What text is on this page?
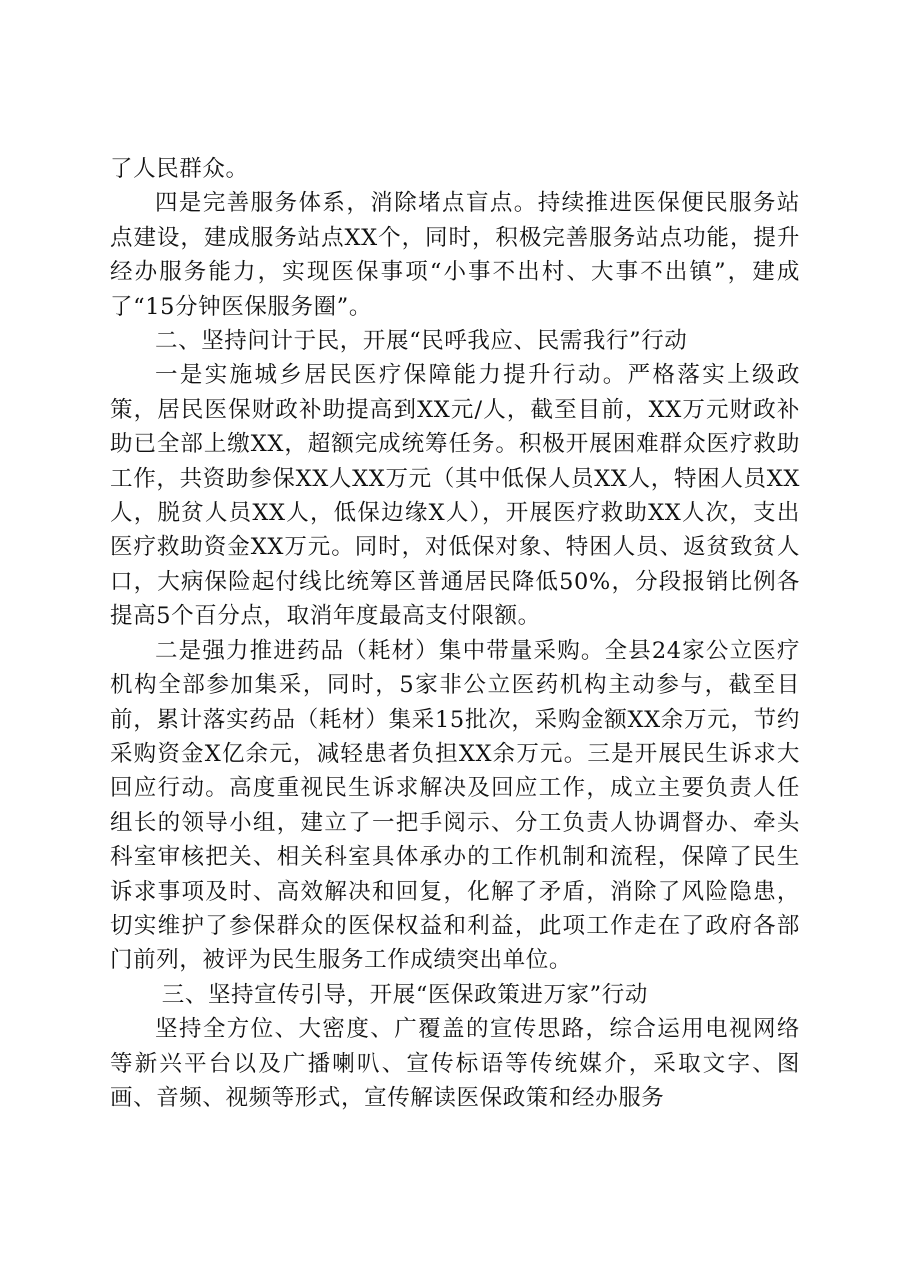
了人民群众。

四是完善服务体系，消除堵点盲点。持续推进医保便民服务站点建设，建成服务站点XX个，同时，积极完善服务站点功能，提升经办服务能力，实现医保事项“小事不出村、大事不出镇”，建成了“15分钟医保服务圈”。

二、坚持问计于民，开展“民呼我应、民需我行”行动

一是实施城乡居民医疗保障能力提升行动。严格落实上级政策，居民医保财政补助提高到XX元/人，截至目前，XX万元财政补助已全部上缴XX，超额完成统筹任务。积极开展困难群众医疗救助工作，共资助参保XX人XX万元（其中低保人员XX人，特困人员XX人，脱贫人员XX人，低保边缘X人），开展医疗救助XX人次，支出医疗救助资金XX万元。同时，对低保对象、特困人员、返贫致贫人口，大病保险起付线比统筹区普通居民降低50%，分段报销比例各提高5个百分点，取消年度最高支付限额。

二是强力推进药品（耗材）集中带量采购。全县24家公立医疗机构全部参加集采，同时，5家非公立医药机构主动参与，截至目前，累计落实药品（耗材）集采15批次，采购金额XX余万元，节约采购资金X亿余元，减轻患者负担XX余万元。三是开展民生诉求大回应行动。高度重视民生诉求解决及回应工作，成立主要负责人任组长的领导小组，建立了一把手阅示、分工负责人协调督办、牵头科室审核把关、相关科室具体承办的工作机制和流程，保障了民生诉求事项及时、高效解决和回复，化解了矛盾，消除了风险隐患，切实维护了参保群众的医保权益和利益，此项工作走在了政府各部门前列，被评为民生服务工作成绩突出单位。

三、坚持宣传引导，开展“医保政策进万家”行动

坚持全方位、大密度、广覆盖的宣传思路，综合运用电视网络等新兴平台以及广播喇叭、宣传标语等传统媒介，采取文字、图画、音频、视频等形式，宣传解读医保政策和经办服务
